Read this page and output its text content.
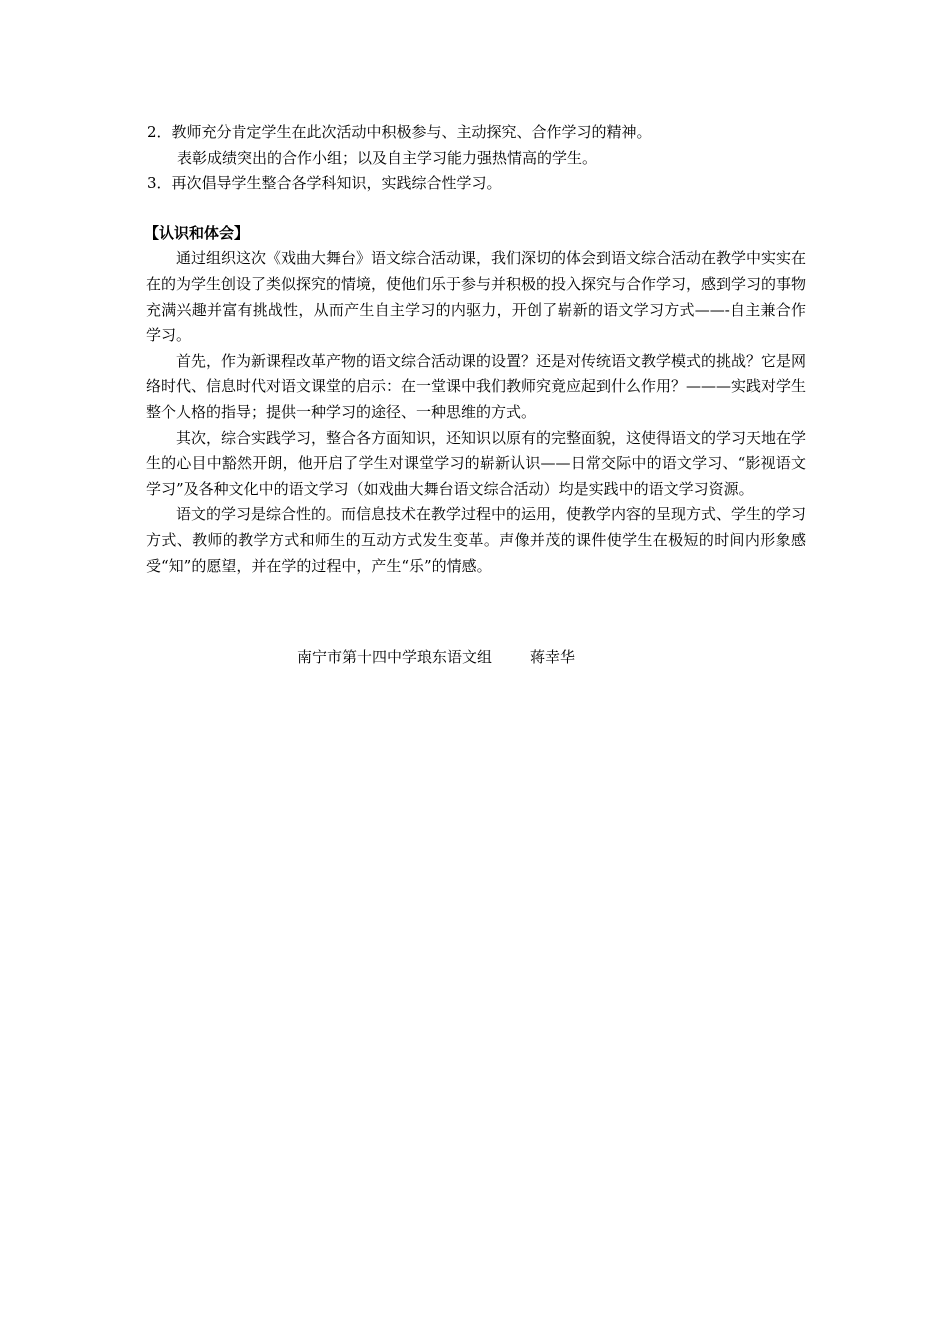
2．教师充分肯定学生在此次活动中积极参与、主动探究、合作学习的精神。
表彰成绩突出的合作小组；以及自主学习能力强热情高的学生。
3．再次倡导学生整合各学科知识，实践综合性学习。
【认识和体会】

通过组织这次《戏曲大舞台》语文综合活动课，我们深切的体会到语文综合活动在教学中实实在在的为学生创设了类似探究的情境，使他们乐于参与并积极的投入探究与合作学习，感到学习的事物充满兴趣并富有挑战性，从而产生自主学习的内驱力，开创了崭新的语文学习方式——-自主兼合作学习。

首先，作为新课程改革产物的语文综合活动课的设置？还是对传统语文教学模式的挑战？它是网络时代、信息时代对语文课堂的启示：在一堂课中我们教师究竟应起到什么作用？———实践对学生整个人格的指导；提供一种学习的途径、一种思维的方式。

其次，综合实践学习，整合各方面知识，还知识以原有的完整面貌，这使得语文的学习天地在学生的心目中豁然开朗，他开启了学生对课堂学习的崭新认识——日常交际中的语文学习、“影视语文学习”及各种文化中的语文学习（如戏曲大舞台语文综合活动）均是实践中的语文学习资源。

语文的学习是综合性的。而信息技术在教学过程中的运用，使教学内容的呈现方式、学生的学习方式、教师的教学方式和师生的互动方式发生变革。声像并茂的课件使学生在极短的时间内形象感受“知”的愿望，并在学的过程中，产生“乐”的情感。

南宁市第十四中学琅东语文组	蒋幸华
